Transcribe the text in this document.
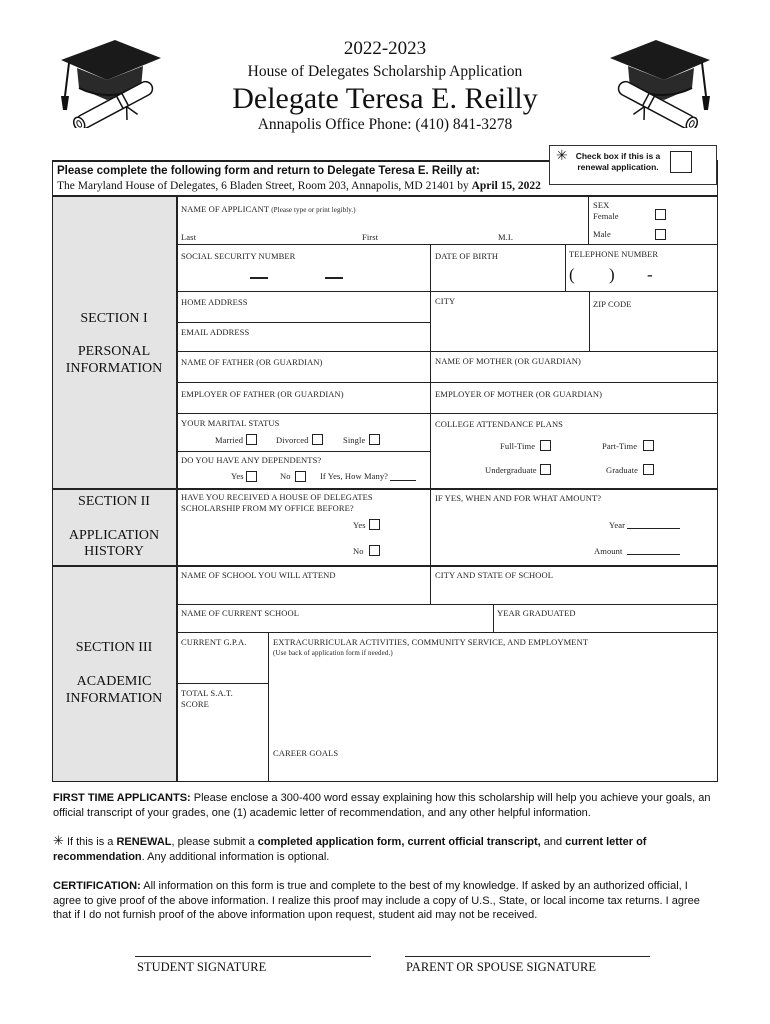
2022-2023
House of Delegates Scholarship Application
Delegate Teresa E. Reilly
Annapolis Office Phone: (410) 841-3278
✳ Check box if this is a renewal application.
Please complete the following form and return to Delegate Teresa E. Reilly at:
The Maryland House of Delegates, 6 Bladen Street, Room 203, Annapolis, MD 21401 by April 15, 2022
SECTION I
PERSONAL
INFORMATION
SECTION II
APPLICATION
HISTORY
SECTION III
ACADEMIC
INFORMATION
NAME OF APPLICANT (Please type or print legibly.)
Last	First	M.I.
SEX
Female
Male
SOCIAL SECURITY NUMBER	DATE OF BIRTH	TELEPHONE NUMBER
( ) -
HOME ADDRESS	CITY	ZIP CODE
EMAIL ADDRESS
NAME OF FATHER (OR GUARDIAN)	NAME OF MOTHER (OR GUARDIAN)
EMPLOYER OF FATHER (OR GUARDIAN)	EMPLOYER OF MOTHER (OR GUARDIAN)
YOUR MARITAL STATUS
Married	Divorced	Single
DO YOU HAVE ANY DEPENDENTS?
Yes	No	If Yes, How Many?
COLLEGE ATTENDANCE PLANS
Full-Time	Part-Time
Undergraduate	Graduate
HAVE YOU RECEIVED A HOUSE OF DELEGATES
SCHOLARSHIP FROM MY OFFICE BEFORE?
Yes
No
IF YES, WHEN AND FOR WHAT AMOUNT?
Year
Amount
NAME OF SCHOOL YOU WILL ATTEND	CITY AND STATE OF SCHOOL
NAME OF CURRENT SCHOOL	YEAR GRADUATED
CURRENT G.P.A.	EXTRACURRICULAR ACTIVITIES, COMMUNITY SERVICE, AND EMPLOYMENT
(Use back of application form if needed.)
TOTAL S.A.T.
SCORE
CAREER GOALS
FIRST TIME APPLICANTS: Please enclose a 300-400 word essay explaining how this scholarship will help you achieve your goals, an official transcript of your grades, one (1) academic letter of recommendation, and any other helpful information.
✳ If this is a RENEWAL, please submit a completed application form, current official transcript, and current letter of recommendation. Any additional information is optional.
CERTIFICATION: All information on this form is true and complete to the best of my knowledge. If asked by an authorized official, I agree to give proof of the above information. I realize this proof may include a copy of U.S., State, or local income tax returns. I agree that if I do not furnish proof of the above information upon request, student aid may not be received.
STUDENT SIGNATURE	PARENT OR SPOUSE SIGNATURE
